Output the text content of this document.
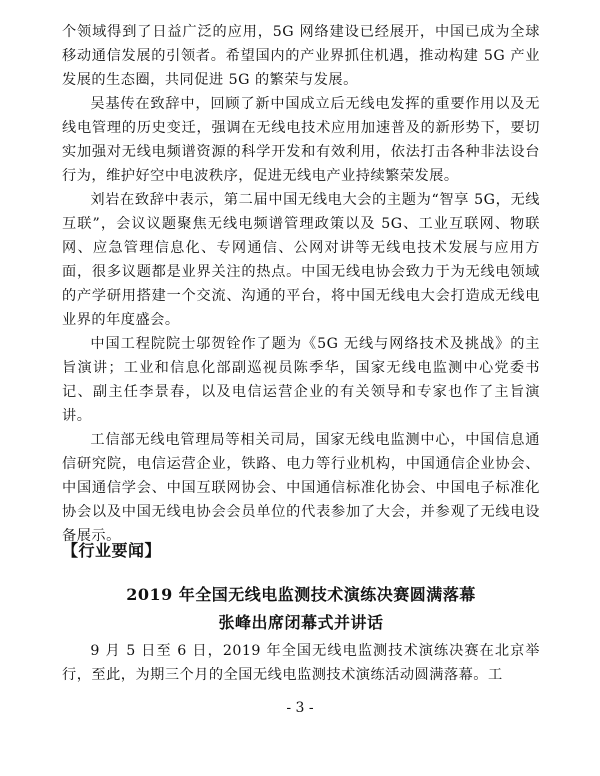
个领域得到了日益广泛的应用，5G 网络建设已经展开，中国已成为全球移动通信发展的引领者。希望国内的产业界抓住机遇，推动构建 5G 产业发展的生态圈，共同促进 5G 的繁荣与发展。

吴基传在致辞中，回顾了新中国成立后无线电发挥的重要作用以及无线电管理的历史变迁，强调在无线电技术应用加速普及的新形势下，要切实加强对无线电频谱资源的科学开发和有效利用，依法打击各种非法设台行为，维护好空中电波秩序，促进无线电产业持续繁荣发展。

刘岩在致辞中表示，第二届中国无线电大会的主题为“智享 5G，无线互联”，会议议题聚焦无线电频谱管理政策以及 5G、工业互联网、物联网、应急管理信息化、专网通信、公网对讲等无线电技术发展与应用方面，很多议题都是业界关注的热点。中国无线电协会致力于为无线电领域的产学研用搭建一个交流、沟通的平台，将中国无线电大会打造成无线电业界的年度盛会。

中国工程院院士邬贺铨作了题为《5G 无线与网络技术及挑战》的主旨演讲；工业和信息化部副巡视员陈季华，国家无线电监测中心党委书记、副主任李景春，以及电信运营企业的有关领导和专家也作了主旨演讲。

工信部无线电管理局等相关司局，国家无线电监测中心，中国信息通信研究院，电信运营企业，铁路、电力等行业机构，中国通信企业协会、中国通信学会、中国互联网协会、中国通信标准化协会、中国电子标准化协会以及中国无线电协会会员单位的代表参加了大会，并参观了无线电设备展示。

【行业要闻】
2019 年全国无线电监测技术演练决赛圆满落幕
张峰出席闭幕式并讲话

9 月 5 日至 6 日，2019 年全国无线电监测技术演练决赛在北京举行，至此，为期三个月的全国无线电监测技术演练活动圆满落幕。工

- 3 -
